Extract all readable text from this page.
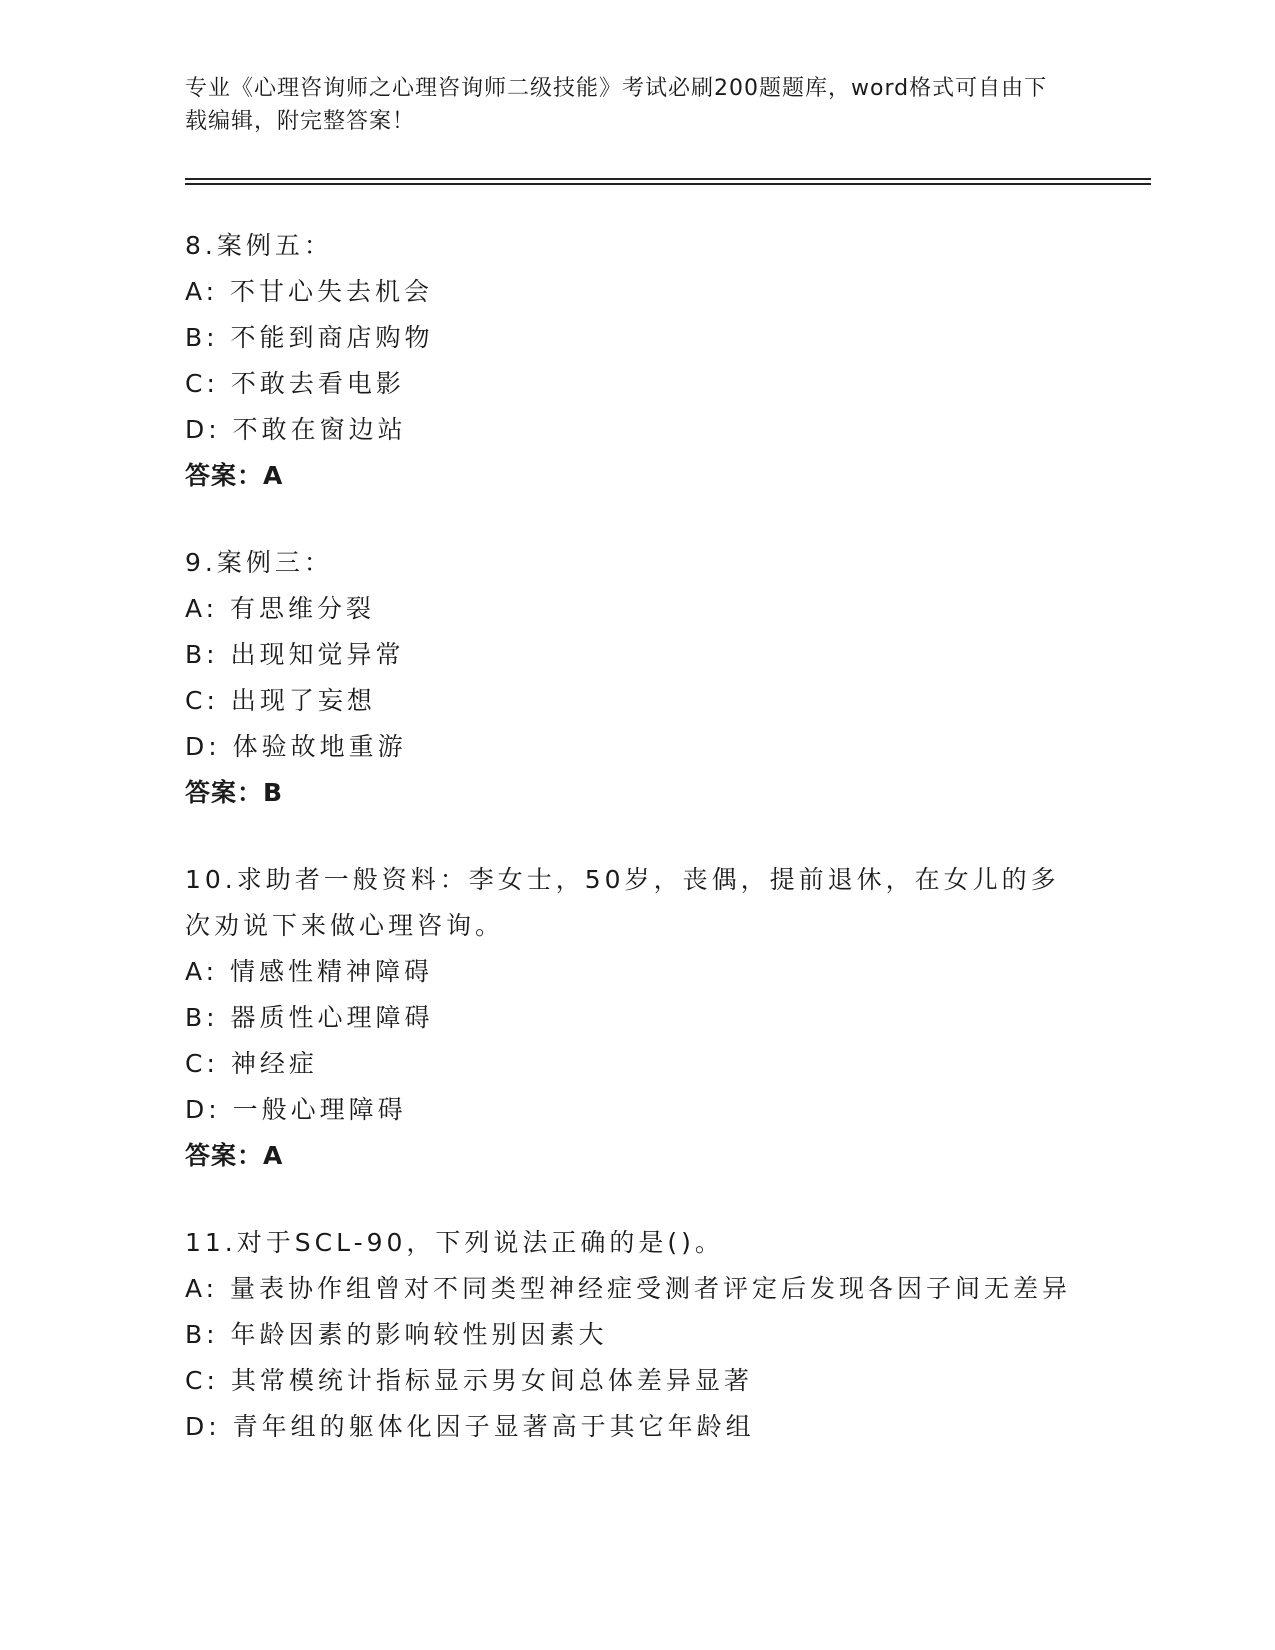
专业《心理咨询师之心理咨询师二级技能》考试必刷200题题库，word格式可自由下载编辑，附完整答案！
8.案例五：
A: 不甘心失去机会
B: 不能到商店购物
C: 不敢去看电影
D: 不敢在窗边站
答案：A
9.案例三：
A: 有思维分裂
B: 出现知觉异常
C: 出现了妄想
D: 体验故地重游
答案：B
10.求助者一般资料：李女士，50岁，丧偶，提前退休，在女儿的多次劝说下来做心理咨询。
A: 情感性精神障碍
B: 器质性心理障碍
C: 神经症
D: 一般心理障碍
答案：A
11.对于SCL-90，下列说法正确的是()。
A: 量表协作组曾对不同类型神经症受测者评定后发现各因子间无差异
B: 年龄因素的影响较性别因素大
C: 其常模统计指标显示男女间总体差异显著
D: 青年组的躯体化因子显著高于其它年龄组
